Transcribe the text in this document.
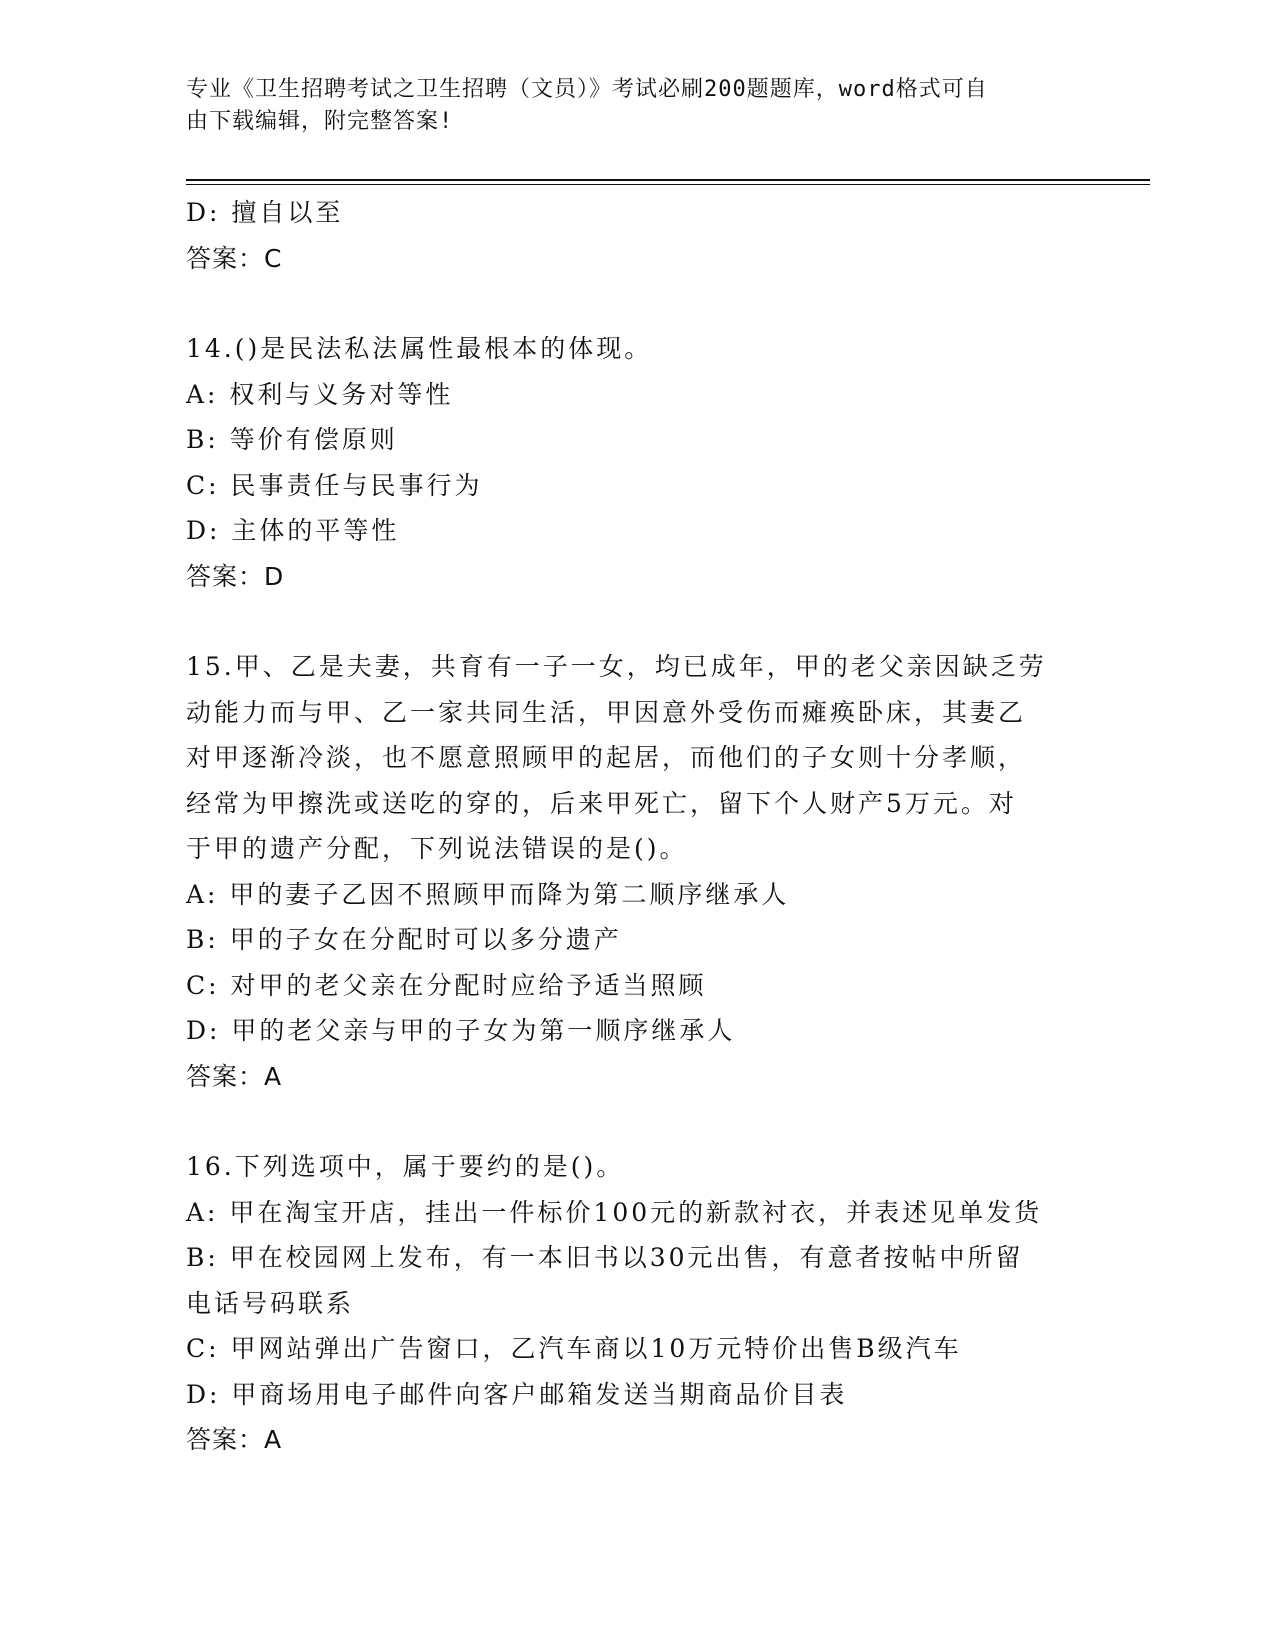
专业《卫生招聘考试之卫生招聘（文员）》考试必刷200题题库，word格式可自
由下载编辑，附完整答案!
D: 擅自以至
答案：C
14.()是民法私法属性最根本的体现。
A: 权利与义务对等性
B: 等价有偿原则
C: 民事责任与民事行为
D: 主体的平等性
答案：D
15.甲、乙是夫妻，共育有一子一女，均已成年，甲的老父亲因缺乏劳
动能力而与甲、乙一家共同生活，甲因意外受伤而瘫痪卧床，其妻乙
对甲逐渐冷淡，也不愿意照顾甲的起居，而他们的子女则十分孝顺，
经常为甲擦洗或送吃的穿的，后来甲死亡，留下个人财产5万元。对
于甲的遗产分配，下列说法错误的是()。
A: 甲的妻子乙因不照顾甲而降为第二顺序继承人
B: 甲的子女在分配时可以多分遗产
C: 对甲的老父亲在分配时应给予适当照顾
D: 甲的老父亲与甲的子女为第一顺序继承人
答案：A
16.下列选项中，属于要约的是()。
A: 甲在淘宝开店，挂出一件标价100元的新款衬衣，并表述见单发货
B: 甲在校园网上发布，有一本旧书以30元出售，有意者按帖中所留
电话号码联系
C: 甲网站弹出广告窗口，乙汽车商以10万元特价出售B级汽车
D: 甲商场用电子邮件向客户邮箱发送当期商品价目表
答案：A
